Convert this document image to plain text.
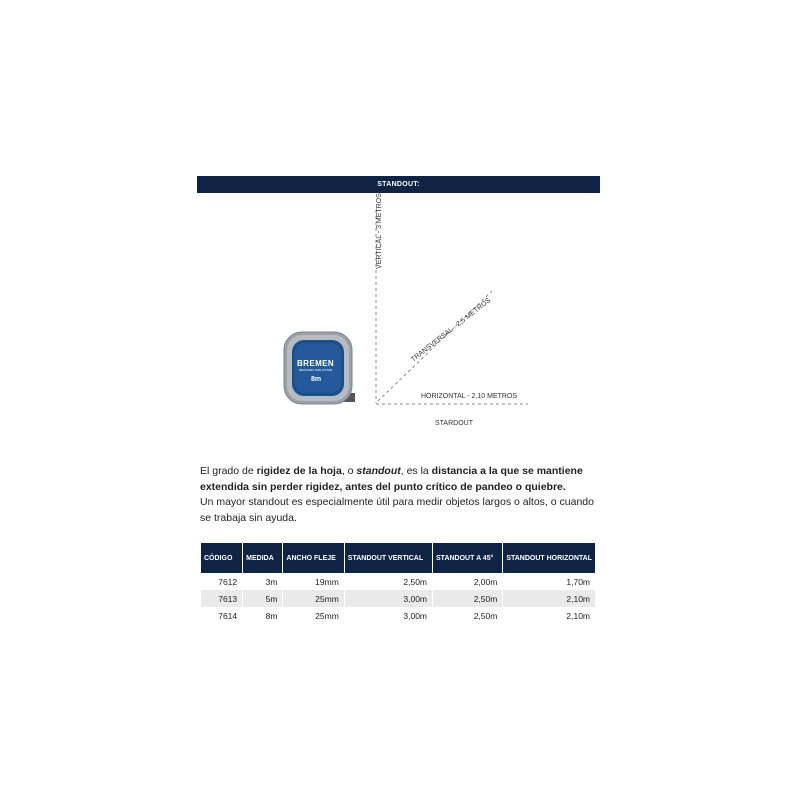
STANDOUT:
VERTICAL - 3 METROS
TRANSVERSAL - 2,5 METROS
HORIZONTAL - 2,10 METROS
STARDOUT
BREMEN
MEASURING TAPE SYSTEM
8m

El grado de rigidez de la hoja, o standout, es la distancia a la que se mantiene extendida sin perder rigidez, antes del punto crítico de pandeo o quiebre.

Un mayor standout es especialmente útil para medir objetos largos o altos, o cuando se trabaja sin ayuda.

CÓDIGO	MEDIDA	ANCHO FLEJE	STANDOUT VERTICAL	STANDOUT A 45°	STANDOUT HORIZONTAL
7612	3m	19mm	2,50m	2,00m	1,70m
7613	5m	25mm	3,00m	2,50m	2,10m
7614	8m	25mm	3,00m	2,50m	2,10m
